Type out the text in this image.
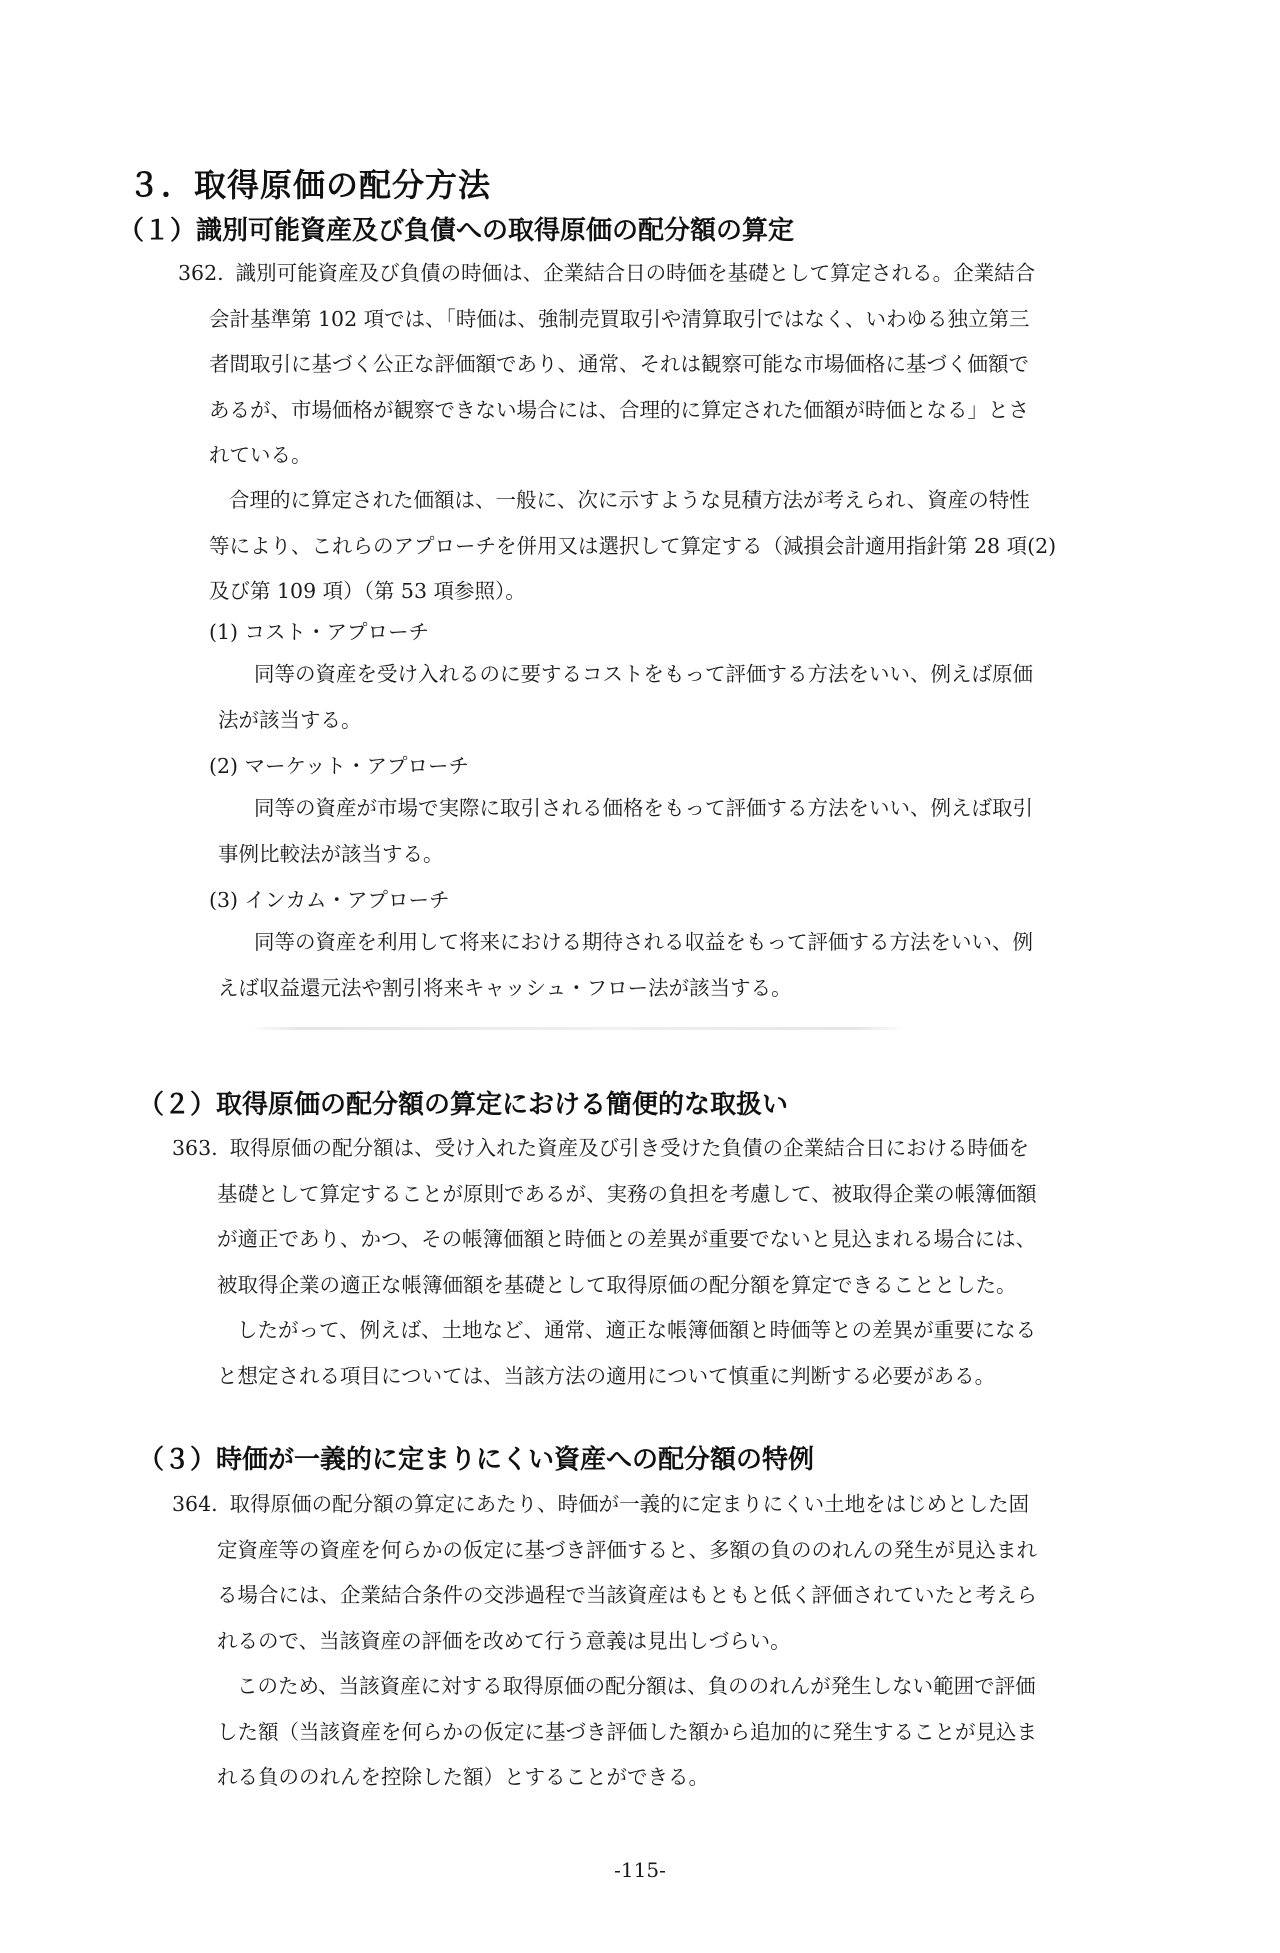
３．取得原価の配分方法
（１）識別可能資産及び負債への取得原価の配分額の算定
362. 識別可能資産及び負債の時価は、企業結合日の時価を基礎として算定される。企業結合
会計基準第 102 項では、「時価は、強制売買取引や清算取引ではなく、いわゆる独立第三
者間取引に基づく公正な評価額であり、通常、それは観察可能な市場価格に基づく価額で
あるが、市場価格が観察できない場合には、合理的に算定された価額が時価となる」とさ
れている。
合理的に算定された価額は、一般に、次に示すような見積方法が考えられ、資産の特性
等により、これらのアプローチを併用又は選択して算定する（減損会計適用指針第 28 項(2)
及び第 109 項）（第 53 項参照）。

(1) コスト・アプローチ

同等の資産を受け入れるのに要するコストをもって評価する方法をいい、例えば原価
法が該当する。

(2) マーケット・アプローチ

同等の資産が市場で実際に取引される価格をもって評価する方法をいい、例えば取引
事例比較法が該当する。

(3) インカム・アプローチ

同等の資産を利用して将来における期待される収益をもって評価する方法をいい、例
えば収益還元法や割引将来キャッシュ・フロー法が該当する。
（２）取得原価の配分額の算定における簡便的な取扱い
363. 取得原価の配分額は、受け入れた資産及び引き受けた負債の企業結合日における時価を
基礎として算定することが原則であるが、実務の負担を考慮して、被取得企業の帳簿価額
が適正であり、かつ、その帳簿価額と時価との差異が重要でないと見込まれる場合には、
被取得企業の適正な帳簿価額を基礎として取得原価の配分額を算定できることとした。
したがって、例えば、土地など、通常、適正な帳簿価額と時価等との差異が重要になる
と想定される項目については、当該方法の適用について慎重に判断する必要がある。
（３）時価が一義的に定まりにくい資産への配分額の特例
364. 取得原価の配分額の算定にあたり、時価が一義的に定まりにくい土地をはじめとした固
定資産等の資産を何らかの仮定に基づき評価すると、多額の負ののれんの発生が見込まれ
る場合には、企業結合条件の交渉過程で当該資産はもともと低く評価されていたと考えら
れるので、当該資産の評価を改めて行う意義は見出しづらい。
このため、当該資産に対する取得原価の配分額は、負ののれんが発生しない範囲で評価
した額（当該資産を何らかの仮定に基づき評価した額から追加的に発生することが見込ま
れる負ののれんを控除した額）とすることができる。
-115-
